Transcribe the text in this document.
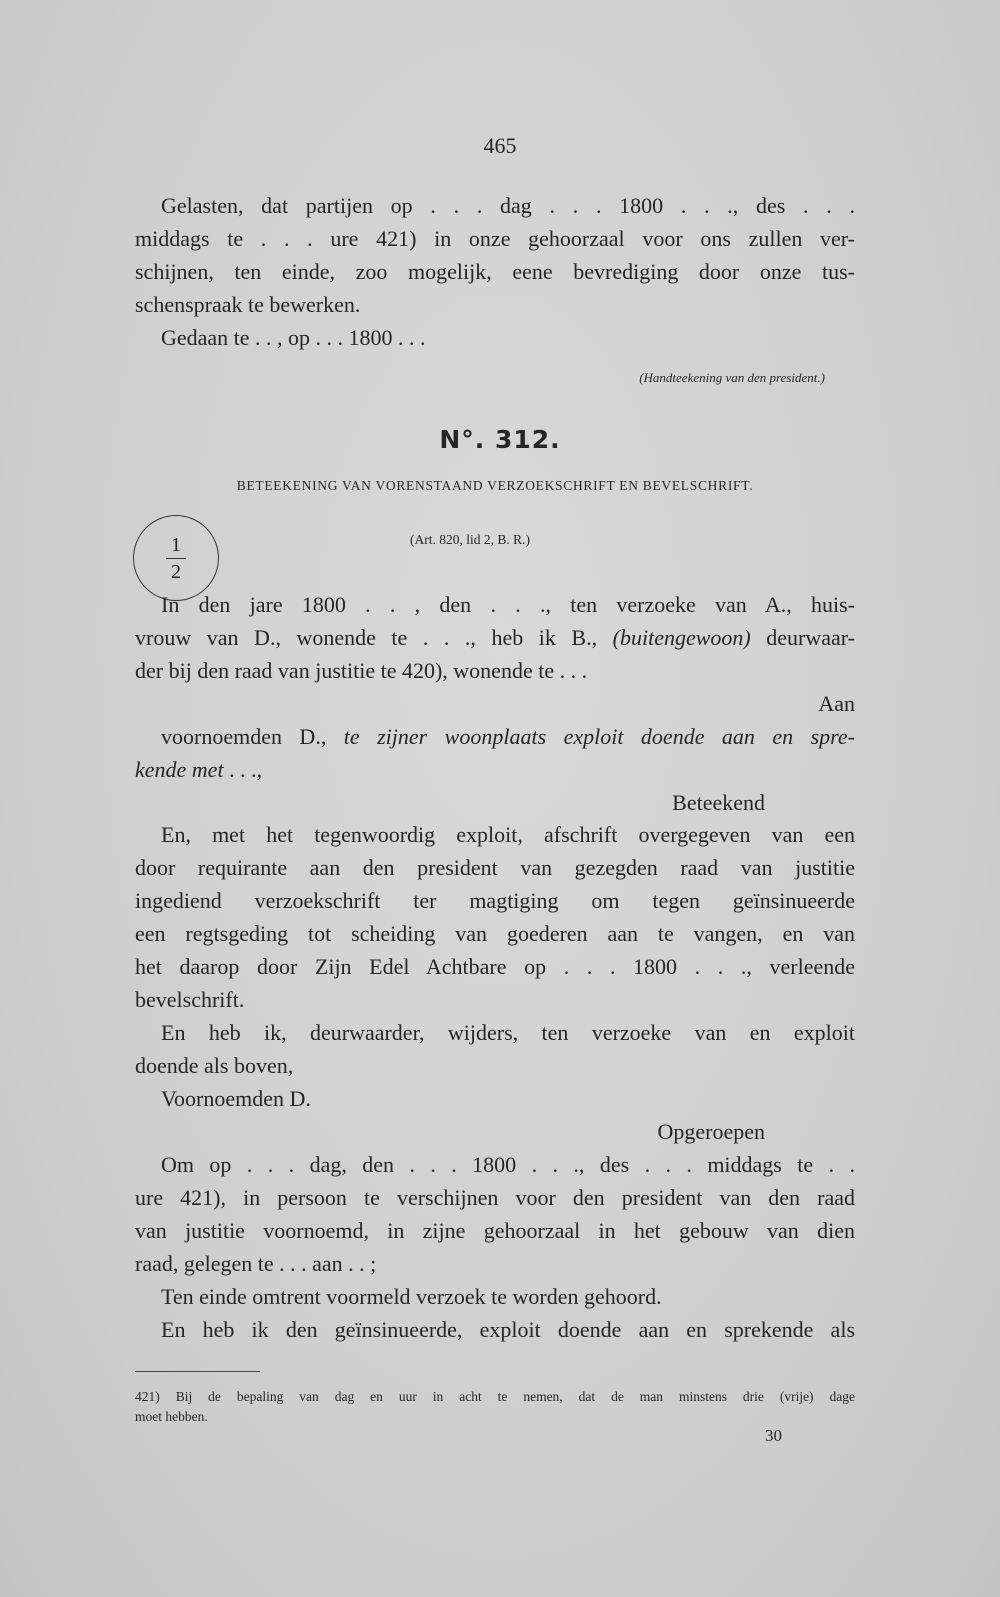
465
Gelasten, dat partijen op . . . dag . . . 1800 . . ., des . . .
middags te . . . ure 421) in onze gehoorzaal voor ons zullen ver-
schijnen, ten einde, zoo mogelijk, eene bevrediging door onze tus-
schenspraak te bewerken.
Gedaan te . . , op . . . 1800 . . .
(Handteekening van den president.)
N°. 312.
BETEEKENING VAN VORENSTAAND VERZOEKSCHRIFT EN BEVELSCHRIFT.
1
2
(Art. 820, lid 2, B. R.)
In den jare 1800 . . , den . . ., ten verzoeke van A., huis-
vrouw van D., wonende te . . ., heb ik B., (buitengewoon) deurwaar-
der bij den raad van justitie te 420), wonende te . . .
Aan
voornoemden D., te zijner woonplaats exploit doende aan en spre-
kende met . . .,
Beteekend
En, met het tegenwoordig exploit, afschrift overgegeven van een
door requirante aan den president van gezegden raad van justitie
ingediend verzoekschrift ter magtiging om tegen geïnsinueerde
een regtsgeding tot scheiding van goederen aan te vangen, en van
het daarop door Zijn Edel Achtbare op . . . 1800 . . ., verleende
bevelschrift.
En heb ik, deurwaarder, wijders, ten verzoeke van en exploit
doende als boven,
Voornoemden D.
Opgeroepen
Om op . . . dag, den . . . 1800 . . ., des . . . middags te . .
ure 421), in persoon te verschijnen voor den president van den raad
van justitie voornoemd, in zijne gehoorzaal in het gebouw van dien
raad, gelegen te . . . aan . . ;
Ten einde omtrent voormeld verzoek te worden gehoord.
En heb ik den geïnsinueerde, exploit doende aan en sprekende als
421) Bij de bepaling van dag en uur in acht te nemen, dat de man minstens drie (vrije) dage
moet hebben.
30
